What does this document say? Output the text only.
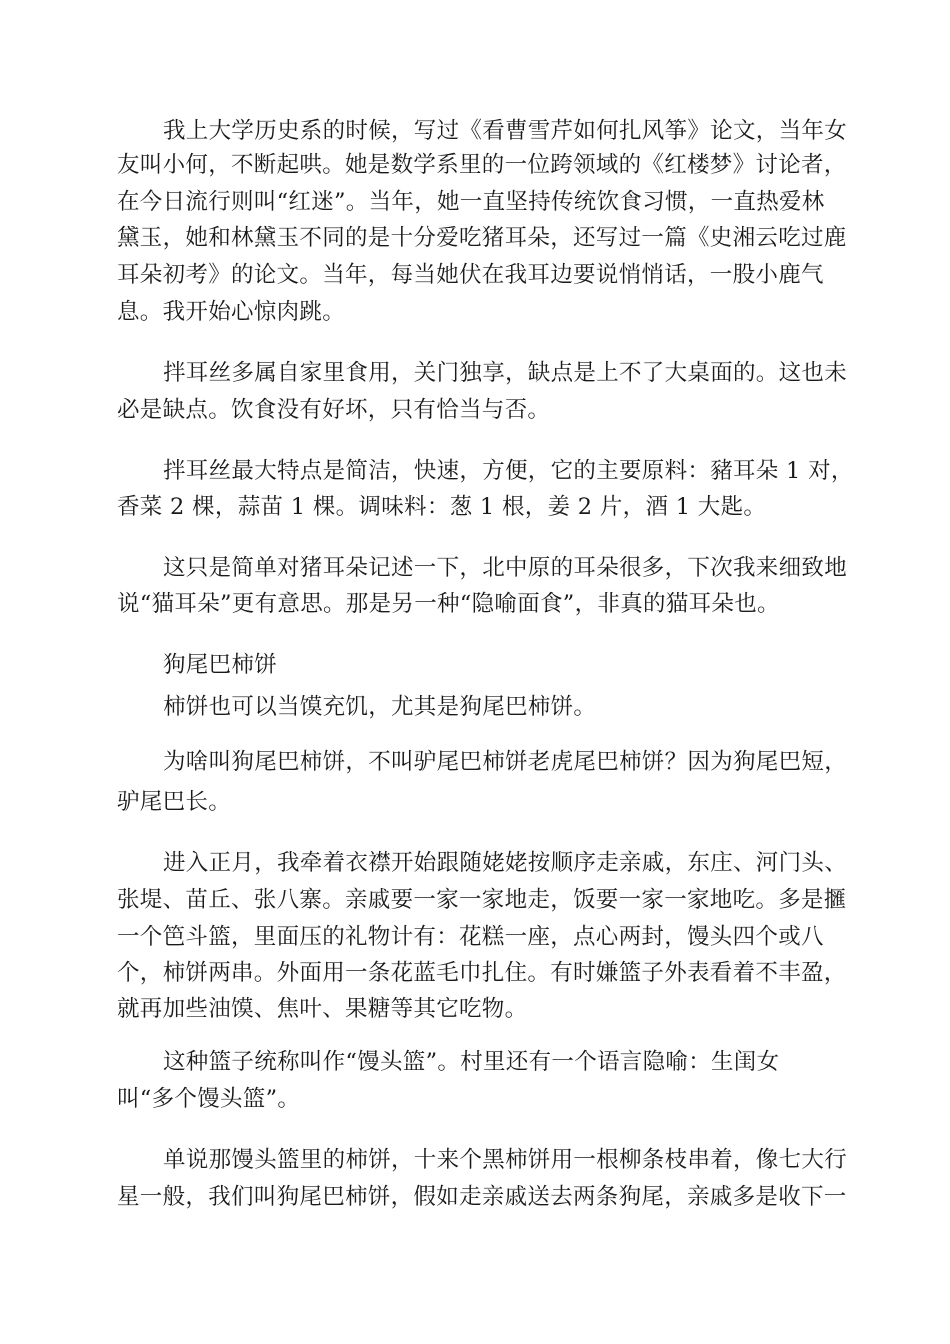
我上大学历史系的时候，写过《看曹雪芹如何扎风筝》论文，当年女
友叫小何，不断起哄。她是数学系里的一位跨领域的《红楼梦》讨论者，
在今日流行则叫“红迷”。当年，她一直坚持传统饮食习惯，一直热爱林
黛玉，她和林黛玉不同的是十分爱吃猪耳朵，还写过一篇《史湘云吃过鹿
耳朵初考》的论文。当年，每当她伏在我耳边要说悄悄话，一股小鹿气
息。我开始心惊肉跳。
拌耳丝多属自家里食用，关门独享，缺点是上不了大桌面的。这也未
必是缺点。饮食没有好坏，只有恰当与否。
拌耳丝最大特点是简洁，快速，方便，它的主要原料：豬耳朵 1 对，
香菜 2 棵，蒜苗 1 棵。调味料：葱 1 根，姜 2 片，酒 1 大匙。
这只是简单对猪耳朵记述一下，北中原的耳朵很多，下次我来细致地
说“猫耳朵”更有意思。那是另一种“隐喻面食”，非真的猫耳朵也。
狗尾巴柿饼
柿饼也可以当馍充饥，尤其是狗尾巴柿饼。
为啥叫狗尾巴柿饼，不叫驴尾巴柿饼老虎尾巴柿饼？因为狗尾巴短，
驴尾巴长。
进入正月，我牵着衣襟开始跟随姥姥按顺序走亲戚，东庄、河门头、
张堤、苗丘、张八寨。亲戚要一家一家地走，饭要一家一家地吃。多是擓
一个笆斗篮，里面压的礼物计有：花糕一座，点心两封，馒头四个或八
个，柿饼两串。外面用一条花蓝毛巾扎住。有时嫌篮子外表看着不丰盈，
就再加些油馍、焦叶、果糖等其它吃物。
这种篮子统称叫作“馒头篮”。村里还有一个语言隐喻：生闺女
叫“多个馒头篮”。
单说那馒头篮里的柿饼，十来个黑柿饼用一根柳条枝串着，像七大行
星一般，我们叫狗尾巴柿饼，假如走亲戚送去两条狗尾，亲戚多是收下一
